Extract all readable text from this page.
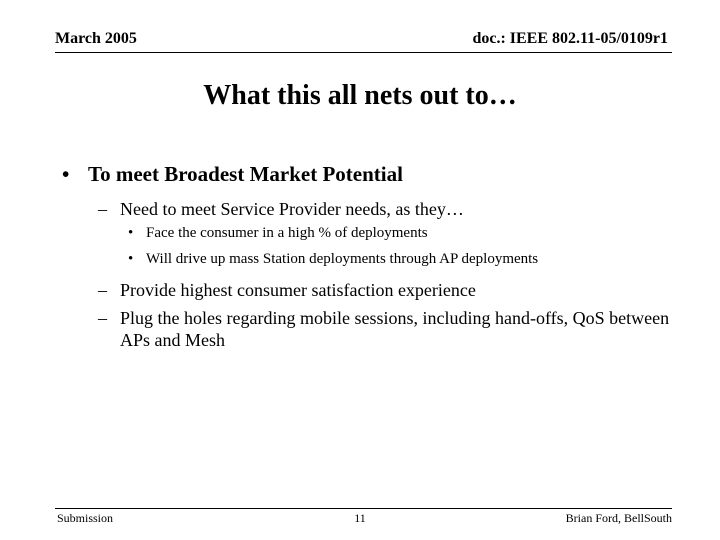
March 2005	doc.: IEEE 802.11-05/0109r1
What this all nets out to…
• To meet Broadest Market Potential
– Need to meet Service Provider needs, as they…
• Face the consumer in a high % of deployments
• Will drive up mass Station deployments through AP deployments
– Provide highest consumer satisfaction experience
– Plug the holes regarding mobile sessions, including hand-offs, QoS between APs and Mesh
Submission	11	Brian Ford, BellSouth
